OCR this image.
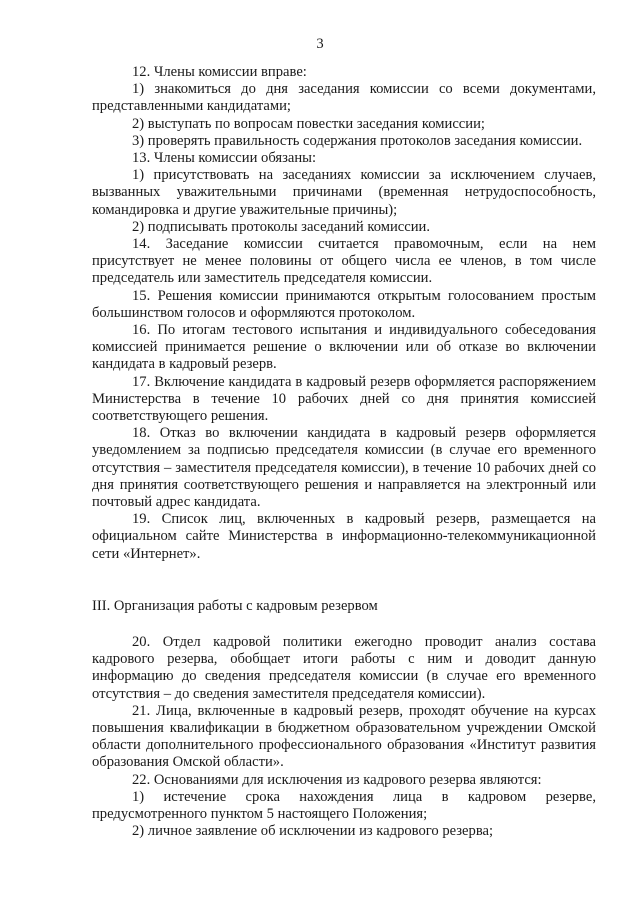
3

12. Члены комиссии вправе:

1) знакомиться до дня заседания комиссии со всеми документами, представленными кандидатами;

2) выступать по вопросам повестки заседания комиссии;

3) проверять правильность содержания протоколов заседания комиссии.

13. Члены комиссии обязаны:

1) присутствовать на заседаниях комиссии за исключением случаев, вызванных уважительными причинами (временная нетрудоспособность, командировка и другие уважительные причины);

2) подписывать протоколы заседаний комиссии.

14. Заседание комиссии считается правомочным, если на нем присутствует не менее половины от общего числа ее членов, в том числе председатель или заместитель председателя комиссии.

15. Решения комиссии принимаются открытым голосованием простым большинством голосов и оформляются протоколом.

16. По итогам тестового испытания и индивидуального собеседования комиссией принимается решение о включении или об отказе во включении кандидата в кадровый резерв.

17. Включение кандидата в кадровый резерв оформляется распоряжением Министерства в течение 10 рабочих дней со дня принятия комиссией соответствующего решения.

18. Отказ во включении кандидата в кадровый резерв оформляется уведомлением за подписью председателя комиссии (в случае его временного отсутствия – заместителя председателя комиссии), в течение 10 рабочих дней со дня принятия соответствующего решения и направляется на электронный или почтовый адрес кандидата.

19. Список лиц, включенных в кадровый резерв, размещается на официальном сайте Министерства в информационно-телекоммуникационной сети «Интернет».

III. Организация работы с кадровым резервом

20. Отдел кадровой политики ежегодно проводит анализ состава кадрового резерва, обобщает итоги работы с ним и доводит данную информацию до сведения председателя комиссии (в случае его временного отсутствия – до сведения заместителя председателя комиссии).

21. Лица, включенные в кадровый резерв, проходят обучение на курсах повышения квалификации в бюджетном образовательном учреждении Омской области дополнительного профессионального образования «Институт развития образования Омской области».

22. Основаниями для исключения из кадрового резерва являются:

1) истечение срока нахождения лица в кадровом резерве, предусмотренного пунктом 5 настоящего Положения;

2) личное заявление об исключении из кадрового резерва;
